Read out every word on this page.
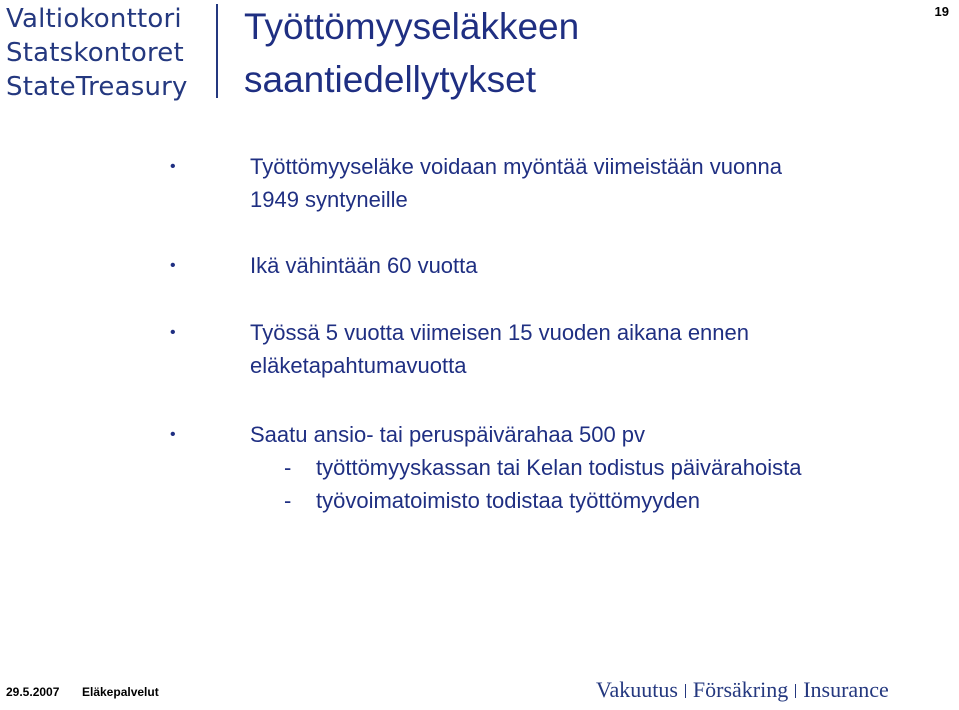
Valtiokonttori
Statskontoret
StateTreasury
Työttömyyseläkkeen
saantiedellytykset
19
•	Työttömyyseläke voidaan myöntää viimeistään vuonna
1949 syntyneille
•	Ikä vähintään 60 vuotta
•	Työssä 5 vuotta viimeisen 15 vuoden aikana ennen
eläketapahtumavuotta
•	Saatu ansio- tai peruspäivärahaa 500 pv
- työttömyyskassan tai Kelan todistus päivärahoista
- työvoimatoimisto todistaa työttömyyden
29.5.2007 Eläkepalvelut	Vakuutus Försäkring Insurance
